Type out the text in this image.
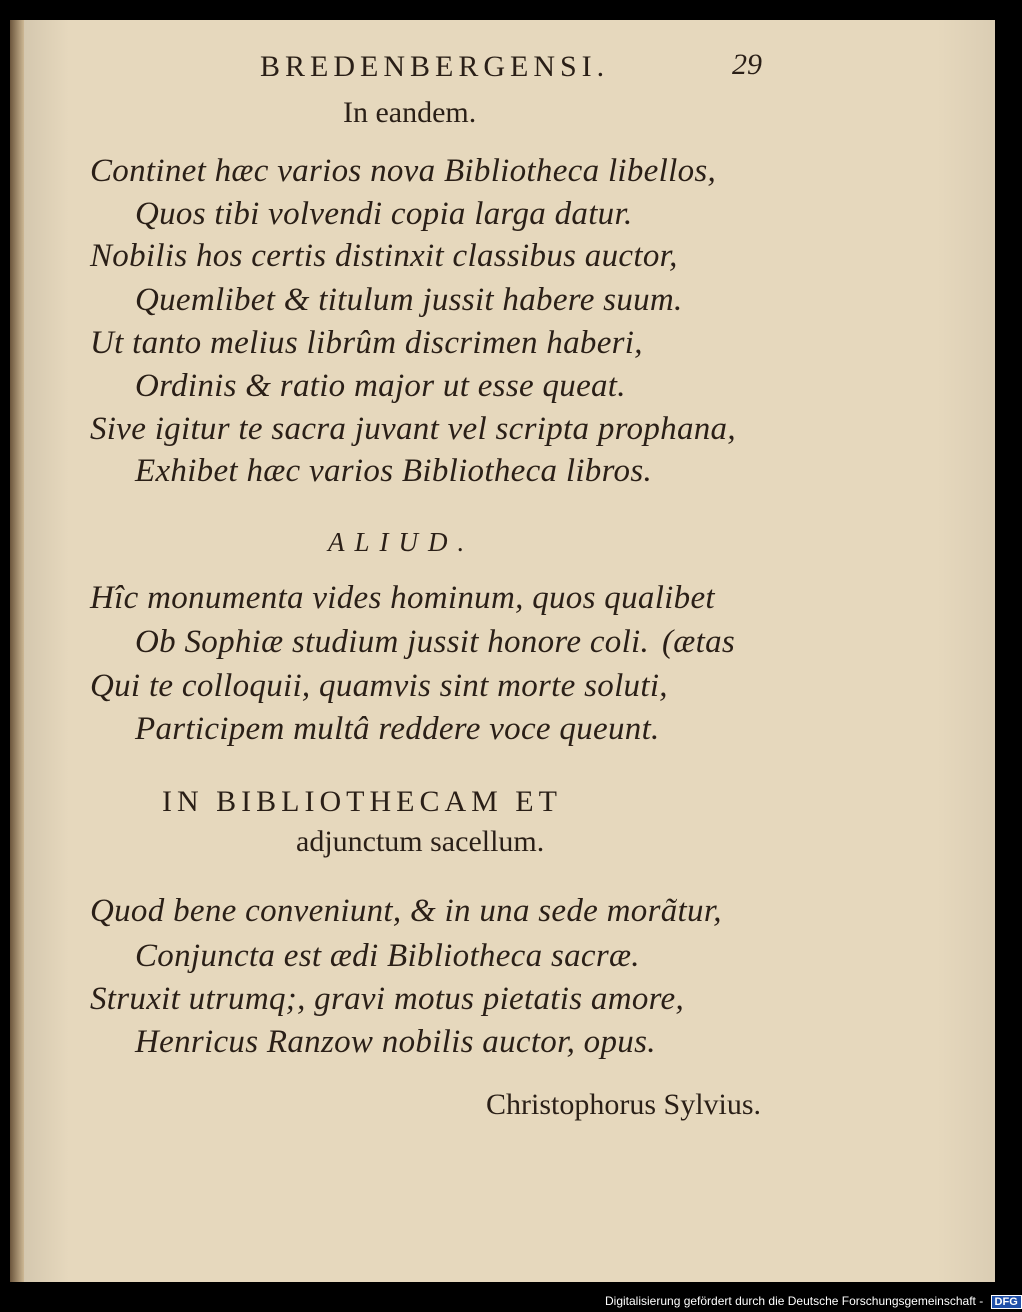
BREDENBERGENSI.	29
In eandem.
Continet hæc varios nova Bibliotheca libellos,
Quos tibi volvendi copia larga datur.
Nobilis hos certis distinxit classibus auctor,
Quemlibet & titulum jussit habere suum.
Ut tanto melius librûm discrimen haberi,
Ordinis & ratio major ut esse queat.
Sive igitur te sacra juvant vel scripta prophana,
Exhibet hæc varios Bibliotheca libros.
ALIUD.
Hîc monumenta vides hominum, quos qualibet
Ob Sophiæ studium jussit honore coli. (ætas
Qui te colloquii, quamvis sint morte soluti,
Participem multâ reddere voce queunt.
IN BIBLIOTHECAM ET
adjunctum sacellum.
Quod bene conveniunt, & in una sede morãtur,
Conjuncta est ædi Bibliotheca sacræ.
Struxit utrumq;, gravi motus pietatis amore,
Henricus Ranzow nobilis auctor, opus.
Christophorus Sylvius.
Digitalisierung gefördert durch die Deutsche Forschungsgemeinschaft - DFG
